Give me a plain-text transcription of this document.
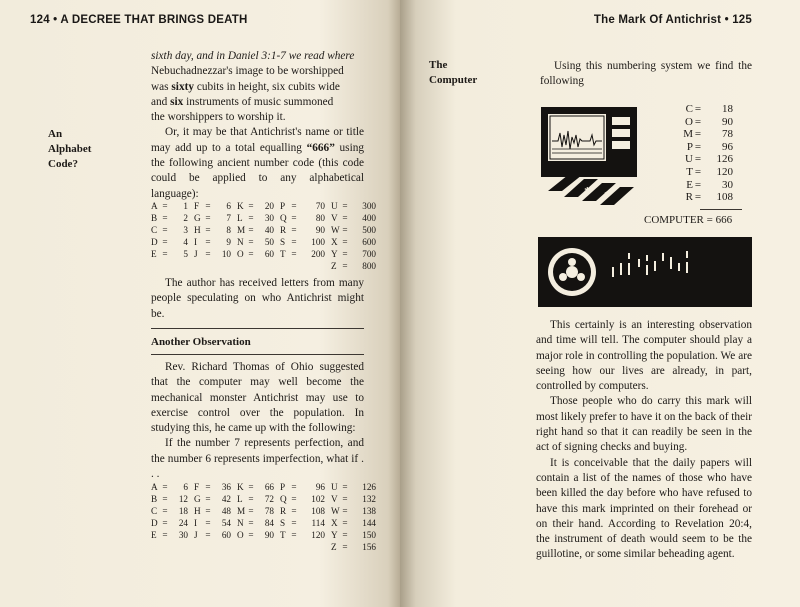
124 • A DECREE THAT BRINGS DEATH

sixth day, and in Daniel 3:1-7 we read where

Nebuchadnezzar's image to be worshipped

was sixty cubits in height, six cubits wide

and six instruments of music summoned

the worshippers to worship it.

Or, it may be that Antichrist's name or title may add up to a total equalling “666” using the following ancient number code (this code could be applied to any alphabetical language):

An
Alphabet
Code?
A	=	1	F	=	6	K	=	20	P	=	70	U	=	300
B	=	2	G	=	7	L	=	30	Q	=	80	V	=	400
C	=	3	H	=	8	M	=	40	R	=	90	W	=	500
D	=	4	I	=	9	N	=	50	S	=	100	X	=	600
E	=	5	J	=	10	O	=	60	T	=	200	Y	=	700
												Z	=	800

The author has received letters from many people speculating on who Antichrist might be.

Another Observation

Rev. Richard Thomas of Ohio suggested that the computer may well become the mechanical monster Antichrist may use to exercise control over the population. In studying this, he came up with the following:

If the number 7 represents perfection, and the number 6 represents imperfection, what if . . .

A	=	6	F	=	36	K	=	66	P	=	96	U	=	126
B	=	12	G	=	42	L	=	72	Q	=	102	V	=	132
C	=	18	H	=	48	M	=	78	R	=	108	W	=	138
D	=	24	I	=	54	N	=	84	S	=	114	X	=	144
E	=	30	J	=	60	O	=	90	T	=	120	Y	=	150
												Z	=	156
The Mark Of Antichrist • 125
The
Computer

Using this numbering system we find the following

✱ ✱
C =	18
O =	90
M =	78
P =	96
U =	126
T =	120
E =	30
R =	108
COMPUTER = 666

This certainly is an interesting observation and time will tell. The computer should play a major role in controlling the population. We are seeing how our lives are already, in part, controlled by computers.

Those people who do carry this mark will most likely prefer to have it on the back of their right hand so that it can readily be seen in the act of signing checks and buying.

It is conceivable that the daily papers will contain a list of the names of those who have been killed the day before who have refused to have this mark imprinted on their forehead or on their hand. According to Revelation 20:4, the instrument of death would seem to be the guillotine, or some similar beheading agent.
